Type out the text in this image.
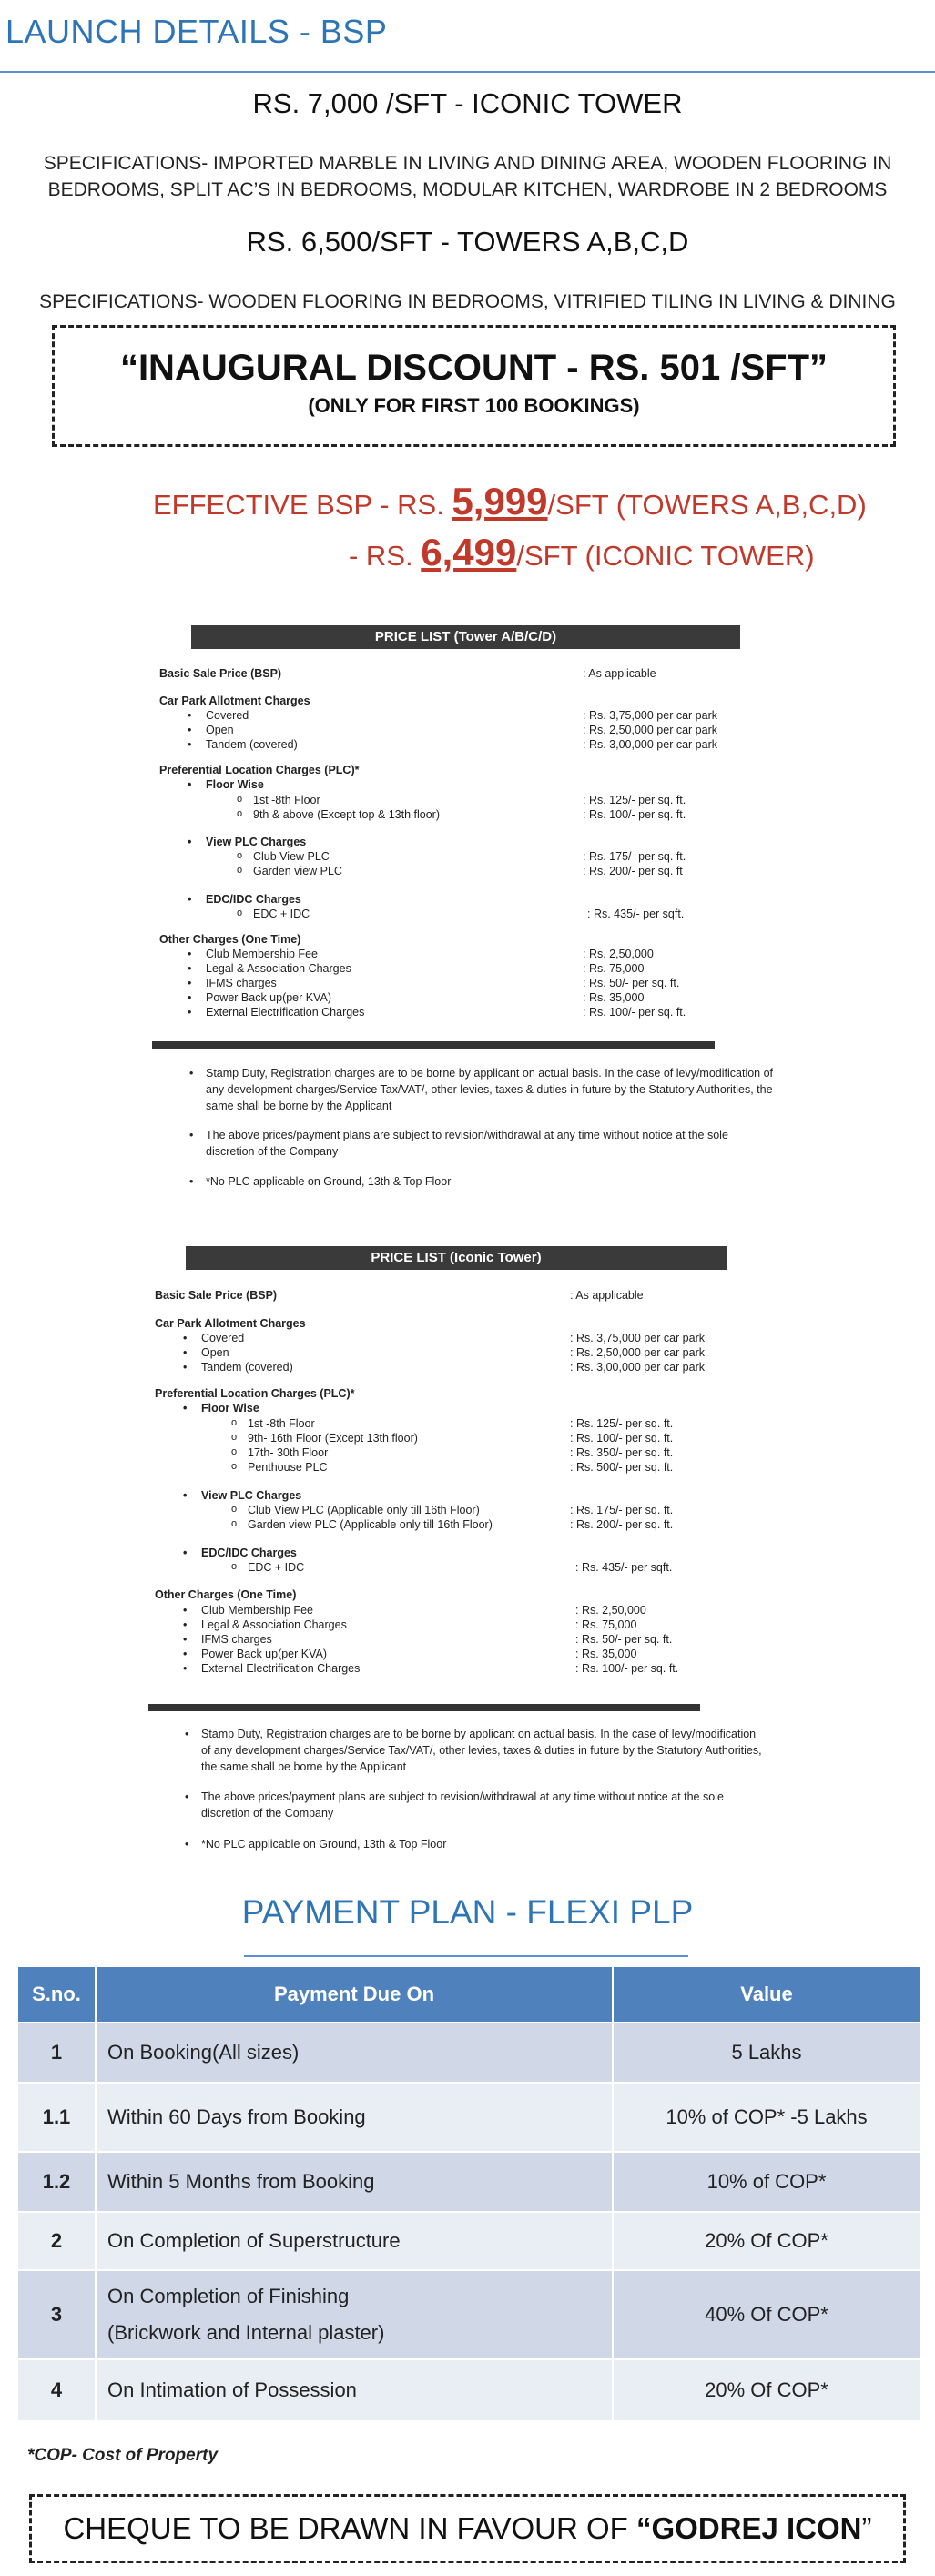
LAUNCH DETAILS - BSP
RS. 7,000 /SFT - ICONIC TOWER
SPECIFICATIONS- IMPORTED MARBLE IN LIVING AND DINING AREA, WOODEN FLOORING IN
BEDROOMS, SPLIT AC’S IN BEDROOMS, MODULAR KITCHEN, WARDROBE IN 2 BEDROOMS
RS. 6,500/SFT - TOWERS A,B,C,D
SPECIFICATIONS- WOODEN FLOORING IN BEDROOMS, VITRIFIED TILING IN LIVING & DINING
“INAUGURAL DISCOUNT - RS. 501 /SFT”
(ONLY FOR FIRST 100 BOOKINGS)
EFFECTIVE BSP - RS. 5,999/SFT (TOWERS A,B,C,D)
- RS. 6,499/SFT (ICONIC TOWER)
PRICE LIST (Tower A/B/C/D)
Basic Sale Price (BSP)	: As applicable
Car Park Allotment Charges
• Covered	: Rs. 3,75,000 per car park
• Open	: Rs. 2,50,000 per car park
• Tandem (covered)	: Rs. 3,00,000 per car park
Preferential Location Charges (PLC)*
• Floor Wise
o 1st -8th Floor	: Rs. 125/- per sq. ft.
o 9th & above (Except top & 13th floor)	: Rs. 100/- per sq. ft.
• View PLC Charges
o Club View PLC	: Rs. 175/- per sq. ft.
o Garden view PLC	: Rs. 200/- per sq. ft
• EDC/IDC Charges
o EDC + IDC	: Rs. 435/- per sqft.
Other Charges (One Time)
• Club Membership Fee	: Rs. 2,50,000
• Legal & Association Charges	: Rs. 75,000
• IFMS charges	: Rs. 50/- per sq. ft.
• Power Back up(per KVA)	: Rs. 35,000
• External Electrification Charges	: Rs. 100/- per sq. ft.
• Stamp Duty, Registration charges are to be borne by applicant on actual basis. In the case of levy/modification of any development charges/Service Tax/VAT/, other levies, taxes & duties in future by the Statutory Authorities, the same shall be borne by the Applicant
• The above prices/payment plans are subject to revision/withdrawal at any time without notice at the sole discretion of the Company
• *No PLC applicable on Ground, 13th & Top Floor
PRICE LIST (Iconic Tower)
Basic Sale Price (BSP)	: As applicable
Car Park Allotment Charges
• Covered	: Rs. 3,75,000 per car park
• Open	: Rs. 2,50,000 per car park
• Tandem (covered)	: Rs. 3,00,000 per car park
Preferential Location Charges (PLC)*
• Floor Wise
o 1st -8th Floor	: Rs. 125/- per sq. ft.
o 9th- 16th Floor (Except 13th floor)	: Rs. 100/- per sq. ft.
o 17th- 30th Floor	: Rs. 350/- per sq. ft.
o Penthouse PLC	: Rs. 500/- per sq. ft.
• View PLC Charges
o Club View PLC (Applicable only till 16th Floor)	: Rs. 175/- per sq. ft.
o Garden view PLC (Applicable only till 16th Floor)	: Rs. 200/- per sq. ft.
• EDC/IDC Charges
o EDC + IDC	: Rs. 435/- per sqft.
Other Charges (One Time)
• Club Membership Fee	: Rs. 2,50,000
• Legal & Association Charges	: Rs. 75,000
• IFMS charges	: Rs. 50/- per sq. ft.
• Power Back up(per KVA)	: Rs. 35,000
• External Electrification Charges	: Rs. 100/- per sq. ft.
• Stamp Duty, Registration charges are to be borne by applicant on actual basis. In the case of levy/modification of any development charges/Service Tax/VAT/, other levies, taxes & duties in future by the Statutory Authorities, the same shall be borne by the Applicant
• The above prices/payment plans are subject to revision/withdrawal at any time without notice at the sole discretion of the Company
• *No PLC applicable on Ground, 13th & Top Floor
PAYMENT PLAN - FLEXI PLP
S.no.	Payment Due On	Value
1	On Booking(All sizes)	5 Lakhs
1.1	Within 60 Days from Booking	10% of COP* -5 Lakhs
1.2	Within 5 Months from Booking	10% of COP*
2	On Completion of Superstructure	20% Of COP*
3	On Completion of Finishing
(Brickwork and Internal plaster)	40% Of COP*
4	On Intimation of Possession	20% Of COP*
*COP- Cost of Property
CHEQUE TO BE DRAWN IN FAVOUR OF “GODREJ ICON”
